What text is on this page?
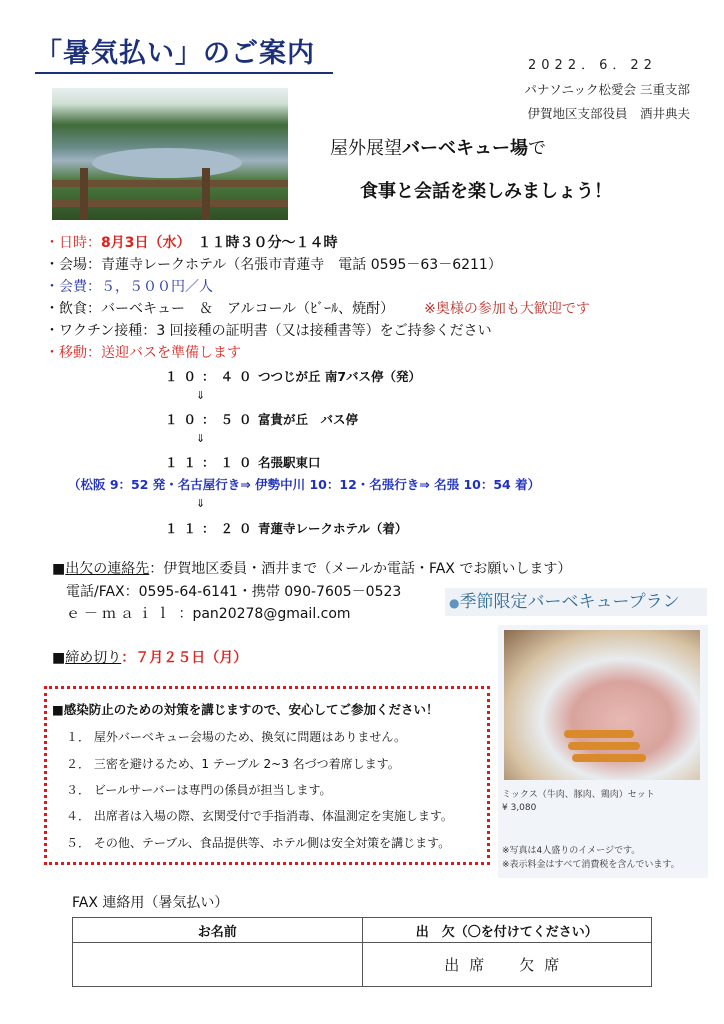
「暑気払い」のご案内	2022．6．22
パナソニック松愛会 三重支部
伊賀地区支部役員　酒井典夫
屋外展望バーベキュー場で
食事と会話を楽しみましょう！
・日時：8月3日（水）　１１時３０分～１４時
・会場：青蓮寺レークホテル（名張市青蓮寺　電話 0595－63－6211）
・会費：５，５００円／人
・飲食：バーベキュー　＆　アルコール（ﾋﾞｰﾙ、焼酎） ※奥様の参加も大歓迎です
・ワクチン接種：3 回接種の証明書（又は接種書等）をご持参ください
・移動：送迎バスを準備します
１０：４０ つつじが丘 南7バス停（発）
⇓
１０：５０ 富貴が丘　バス停
⇓
１１：１０ 名張駅東口
（松阪 9：52 発・名古屋行き⇒ 伊勢中川 10：12・名張行き⇒ 名張 10：54 着）
⇓
１１：２０ 青蓮寺レークホテル（着）
■出欠の連絡先：伊賀地区委員・酒井まで（メールか電話・FAX でお願いします）
電話/FAX：0595-64-6141・携帯 090-7605－0523
ｅ－ｍａｉｌ ：pan20278@gmail.com
●季節限定バーベキュープラン
■締め切り：７月２５日（月）
■感染防止のための対策を講じますので、安心してご参加ください！
１． 屋外バーベキュー会場のため、換気に問題はありません。
２． 三密を避けるため、1 テーブル 2~3 名づつ着席します。
３． ビールサーバーは専門の係員が担当します。
４． 出席者は入場の際、玄関受付で手指消毒、体温測定を実施します。
５． その他、テーブル、食品提供等、ホテル側は安全対策を講じます。
ミックス（牛肉、豚肉、鶏肉）セット
¥ 3,080
※写真は4人盛りのイメージです。
※表示料金はすべて消費税を含んでいます。
FAX 連絡用（暑気払い）
お名前	出　欠（〇を付けてください）
	出席　欠席
